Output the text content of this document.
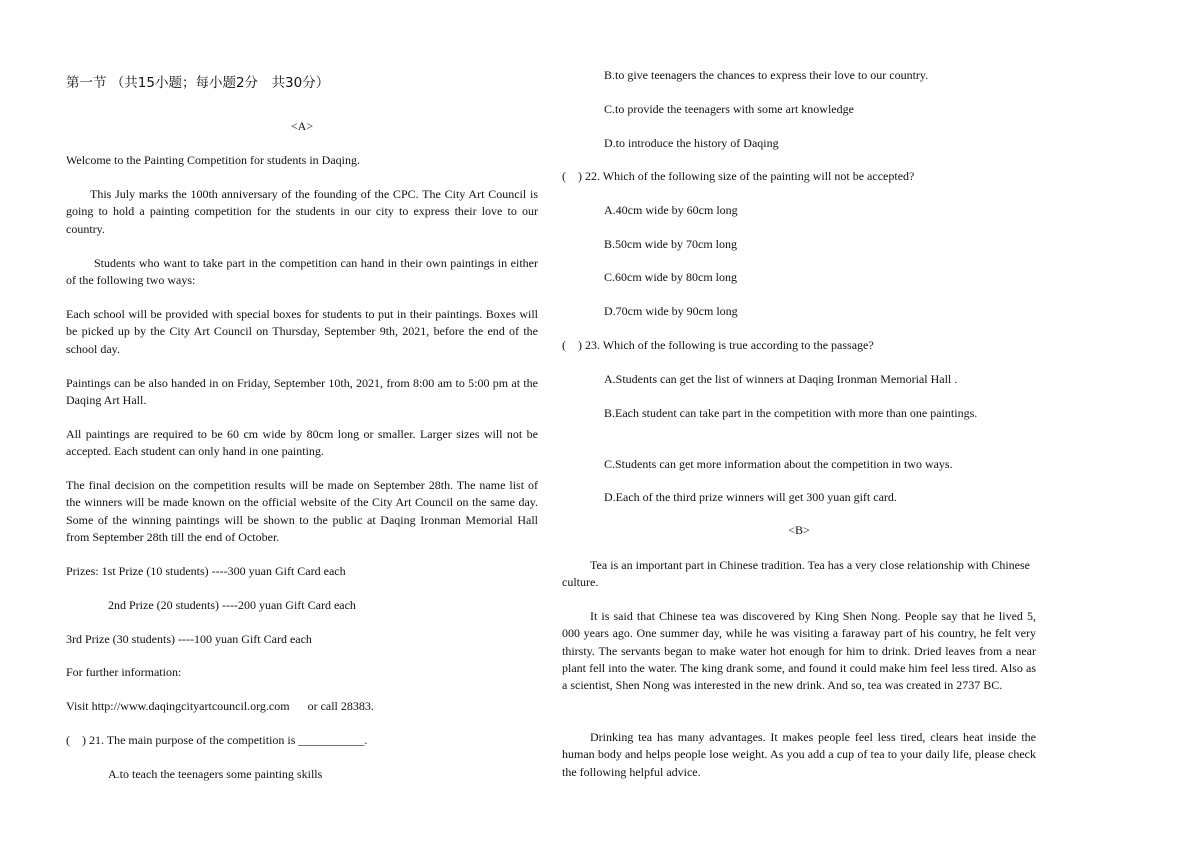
第一节 （共15小题；每小题2分　共30分）

<A>

Welcome to the Painting Competition for students in Daqing.

This July marks the 100th anniversary of the founding of the CPC. The City Art Council is going to hold a painting competition for the students in our city to express their love to our country.

Students who want to take part in the competition can hand in their own paintings in either of the following two ways:

Each school will be provided with special boxes for students to put in their paintings. Boxes will be picked up by the City Art Council on Thursday, September 9th, 2021, before the end of the school day.

Paintings can be also handed in on Friday, September 10th, 2021, from 8:00 am to 5:00 pm at the Daqing Art Hall.

All paintings are required to be 60 cm wide by 80cm long or smaller. Larger sizes will not be accepted. Each student can only hand in one painting.

The final decision on the competition results will be made on September 28th. The name list of the winners will be made known on the official website of the City Art Council on the same day. Some of the winning paintings will be shown to the public at Daqing Ironman Memorial Hall from September 28th till the end of October.

Prizes: 1st Prize (10 students) ----300 yuan Gift Card each

2nd Prize (20 students) ----200 yuan Gift Card each

3rd Prize (30 students) ----100 yuan Gift Card each

For further information:

Visit http://www.daqingcityartcouncil.org.com      or call 28383.

(    ) 21. The main purpose of the competition is ___________.

A.to teach the teenagers some painting skills

B.to give teenagers the chances to express their love to our country.

C.to provide the teenagers with some art knowledge

D.to introduce the history of Daqing

(    ) 22. Which of the following size of the painting will not be accepted?

A.40cm wide by 60cm long

B.50cm wide by 70cm long

C.60cm wide by 80cm long

D.70cm wide by 90cm long

(    ) 23. Which of the following is true according to the passage?

A.Students can get the list of winners at Daqing Ironman Memorial Hall .

B.Each student can take part in the competition with more than one paintings.

C.Students can get more information about the competition in two ways.

D.Each of the third prize winners will get 300 yuan gift card.

<B>

Tea is an important part in Chinese tradition. Tea has a very close relationship with Chinese culture.

It is said that Chinese tea was discovered by King Shen Nong. People say that he lived 5, 000 years ago. One summer day, while he was visiting a faraway part of his country, he felt very thirsty. The servants began to make water hot enough for him to drink. Dried leaves from a near plant fell into the water. The king drank some, and found it could make him feel less tired. Also as a scientist, Shen Nong was interested in the new drink. And so, tea was created in 2737 BC.

Drinking tea has many advantages. It makes people feel less tired, clears heat inside the human body and helps people lose weight. As you add a cup of tea to your daily life, please check the following helpful advice.
